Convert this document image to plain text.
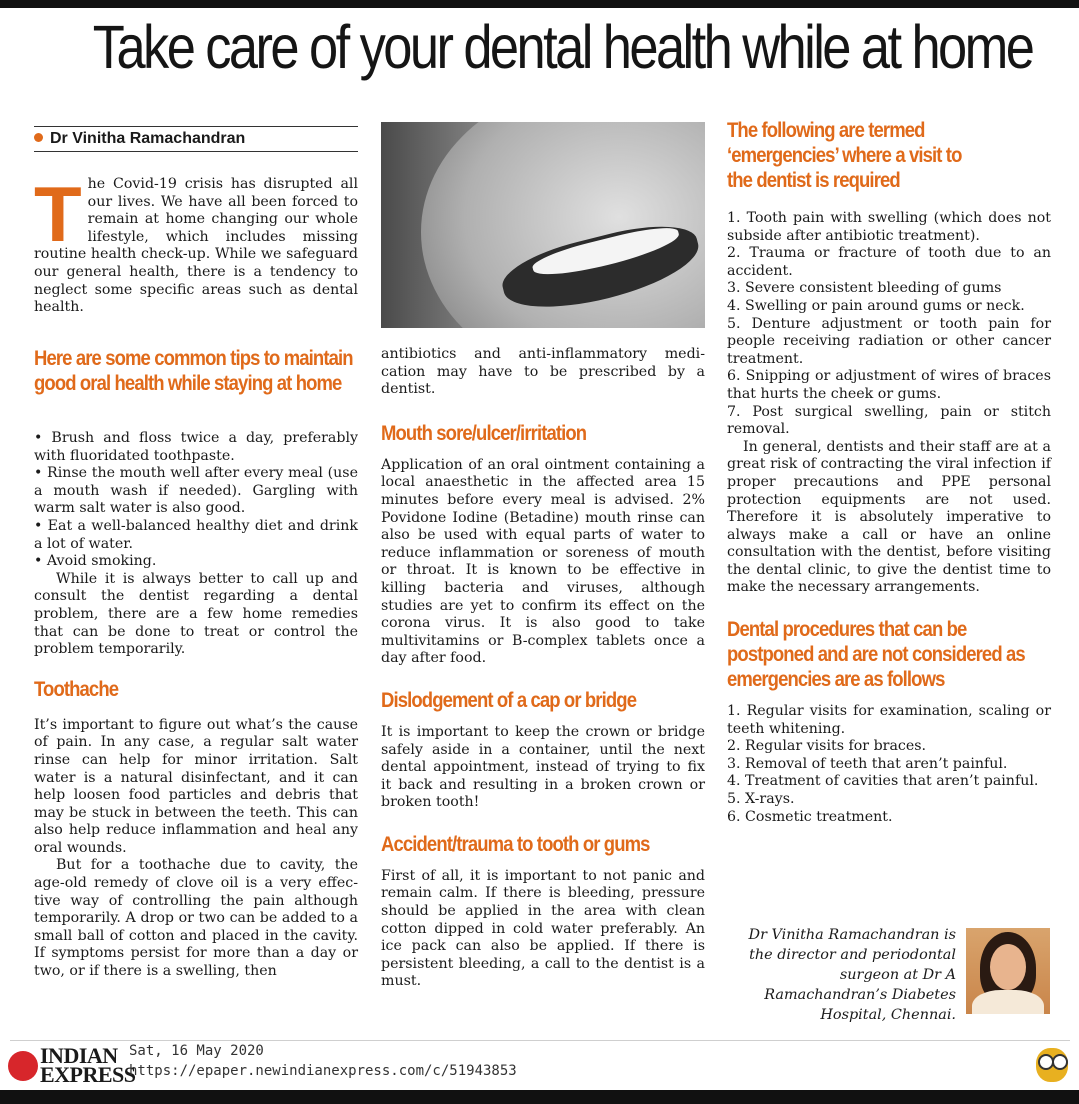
Take care of your dental health while at home
Dr Vinitha Ramachandran
T he Covid-19 crisis has disrupted all our lives. We have all been forced to remain at home changing our whole lifestyle, which includes missing routine health check-up. While we safeguard our general health, there is a tendency to neglect some specific areas such as dental health.

Here are some common tips to maintain good oral health while staying at home

• Brush and floss twice a day, preferably with fluoridated toothpaste.

• Rinse the mouth well after every meal (use a mouth wash if needed). Gargling with warm salt water is also good.

• Eat a well-balanced healthy diet and drink a lot of water.

• Avoid smoking.

While it is always better to call up and consult the dentist regarding a dental problem, there are a few home remedies that can be done to treat or control the problem temporarily.

Toothache

It’s important to figure out what’s the cause of pain. In any case, a regular salt water rinse can help for minor irritation. Salt water is a natural disinfectant, and it can help loosen food particles and debris that may be stuck in between the teeth. This can also help reduce inflammation and heal any oral wounds.

But for a toothache due to cavity, the age-old remedy of clove oil is a very effective way of controlling the pain although temporarily. A drop or two can be added to a small ball of cotton and placed in the cavity. If symptoms persist for more than a day or two, or if there is a swelling, then

antibiotics and anti-inflammatory medication may have to be prescribed by a dentist.

Mouth sore/ulcer/irritation

Application of an oral ointment containing a local anaesthetic in the affected area 15 minutes before every meal is advised. 2% Povidone Iodine (Betadine) mouth rinse can also be used with equal parts of water to reduce inflammation or soreness of mouth or throat. It is known to be effective in killing bacteria and viruses, although studies are yet to confirm its effect on the corona virus. It is also good to take multivitamins or B-complex tablets once a day after food.

Dislodgement of a cap or bridge

It is important to keep the crown or bridge safely aside in a container, until the next dental appointment, instead of trying to fix it back and resulting in a broken crown or broken tooth!

Accident/trauma to tooth or gums

First of all, it is important to not panic and remain calm. If there is bleeding, pressure should be applied in the area with clean cotton dipped in cold water preferably. An ice pack can also be applied. If there is persistent bleeding, a call to the dentist is a must.

The following are termed ‘emergencies’ where a visit to the dentist is required

1. Tooth pain with swelling (which does not subside after antibiotic treatment).

2. Trauma or fracture of tooth due to an accident.

3. Severe consistent bleeding of gums

4. Swelling or pain around gums or neck.

5. Denture adjustment or tooth pain for people receiving radiation or other cancer treatment.

6. Snipping or adjustment of wires of braces that hurts the cheek or gums.

7. Post surgical swelling, pain or stitch removal.

In general, dentists and their staff are at a great risk of contracting the viral infection if proper precautions and PPE personal protection equipments are not used. Therefore it is absolutely imperative to always make a call or have an online consultation with the dentist, before visiting the dental clinic, to give the dentist time to make the necessary arrangements.

Dental procedures that can be postponed and are not considered as emergencies are as follows

1. Regular visits for examination, scaling or teeth whitening.

2. Regular visits for braces.

3. Removal of teeth that aren’t painful.

4. Treatment of cavities that aren’t painful.

5. X-rays.

6. Cosmetic treatment.

Dr Vinitha Ramachandran is the director and periodontal surgeon at Dr A Ramachandran’s Diabetes Hospital, Chennai.
INDIAN
EXPRESS
Sat, 16 May 2020
https://epaper.newindianexpress.com/c/51943853
